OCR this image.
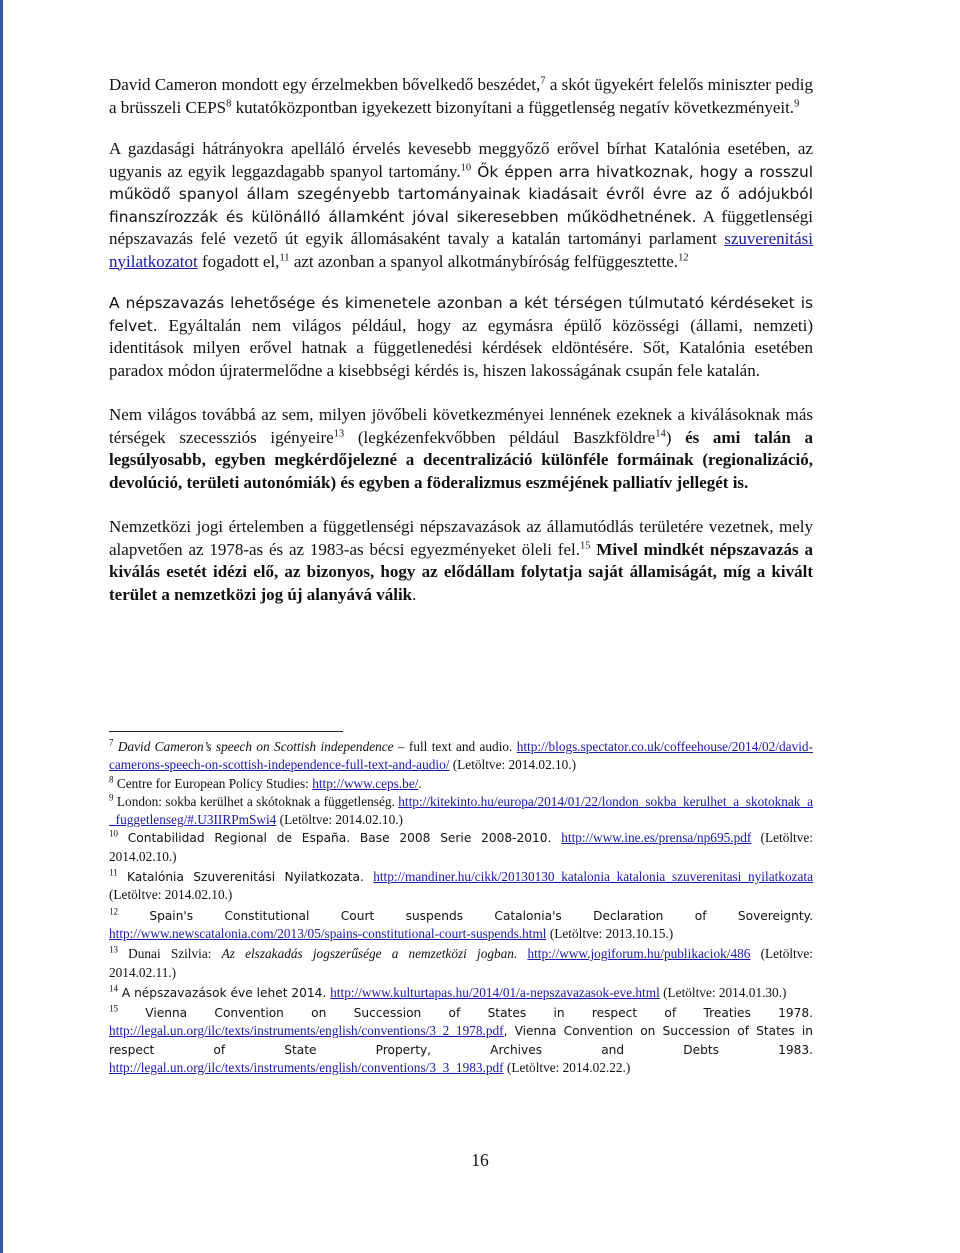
David Cameron mondott egy érzelmekben bővelkedő beszédet,$^7$ a skót ügyekért felelős miniszter pedig a brüsszeli CEPS$^8$ kutatóközpontban igyekezett bizonyítani a függetlenség negatív következményeit.$^9$

A gazdasági hátrányokra apelláló érvelés kevesebb meggyőző erővel bírhat Katalónia esetében, az ugyanis az egyik leggazdagabb spanyol tartomány.$^{10}$ Ők éppen arra hivatkoznak, hogy a rosszul működő spanyol állam szegényebb tartományainak kiadásait évről évre az ő adójukból finanszírozzák és különálló államként jóval sikeresebben működhetnének. A függetlenségi népszavazás felé vezető út egyik állomásaként tavaly a katalán tartományi parlament szuverenitási nyilatkozatot fogadott el,$^{11}$ azt azonban a spanyol alkotmánybíróság felfüggesztette.$^{12}$

A népszavazás lehetősége és kimenetele azonban a két térségen túlmutató kérdéseket is felvet. Egyáltalán nem világos például, hogy az egymásra épülő közösségi (állami, nemzeti) identitások milyen erővel hatnak a függetlenedési kérdések eldöntésére. Sőt, Katalónia esetében paradox módon újratermelődne a kisebbségi kérdés is, hiszen lakosságának csupán fele katalán.

Nem világos továbbá az sem, milyen jövőbeli következményei lennének ezeknek a kiválásoknak más térségek szecessziós igényeire$^{13}$ (legkézenfekvőbben például Baszkföldre$^{14}$) és ami talán a legsúlyosabb, egyben megkérdőjelezné a decentralizáció különféle formáinak (regionalizáció, devolúció, területi autonómiák) és egyben a föderalizmus eszméjének palliatív jellegét is.

Nemzetközi jogi értelemben a függetlenségi népszavazások az államutódlás területére vezetnek, mely alapvetően az 1978-as és az 1983-as bécsi egyezményeket öleli fel.$^{15}$ Mivel mindkét népszavazás a kiválás esetét idézi elő, az bizonyos, hogy az elődállam folytatja saját államiságát, míg a kivált terület a nemzetközi jog új alanyává válik.

$^7$ David Cameron’s speech on Scottish independence – full text and audio. http://blogs.spectator.co.uk/coffeehouse/2014/02/david-camerons-speech-on-scottish-independence-full-text-and-audio/ (Letöltve: 2014.02.10.)

$^8$ Centre for European Policy Studies: http://www.ceps.be/.

$^9$ London: sokba kerülhet a skótoknak a függetlenség. http://kitekinto.hu/europa/2014/01/22/london_sokba_kerulhet_a_skotoknak_a_fuggetlenseg/#.U3IIRPmSwi4 (Letöltve: 2014.02.10.)

$^{10}$ Contabilidad Regional de España. Base 2008 Serie 2008-2010. http://www.ine.es/prensa/np695.pdf (Letöltve: 2014.02.10.)

$^{11}$ Katalónia Szuverenitási Nyilatkozata. http://mandiner.hu/cikk/20130130_katalonia_katalonia_szuverenitasi_nyilatkozata (Letöltve: 2014.02.10.)

$^{12}$ Spain's Constitutional Court suspends Catalonia's Declaration of Sovereignty. http://www.newscatalonia.com/2013/05/spains-constitutional-court-suspends.html (Letöltve: 2013.10.15.)

$^{13}$ Dunai Szilvia: Az elszakadás jogszerűsége a nemzetközi jogban. http://www.jogiforum.hu/publikaciok/486 (Letöltve: 2014.02.11.)

$^{14}$ A népszavazások éve lehet 2014. http://www.kulturtapas.hu/2014/01/a-nepszavazasok-eve.html (Letöltve: 2014.01.30.)

$^{15}$ Vienna Convention on Succession of States in respect of Treaties 1978. http://legal.un.org/ilc/texts/instruments/english/conventions/3_2_1978.pdf, Vienna Convention on Succession of States in respect of State Property, Archives and Debts 1983. http://legal.un.org/ilc/texts/instruments/english/conventions/3_3_1983.pdf (Letöltve: 2014.02.22.)

16
